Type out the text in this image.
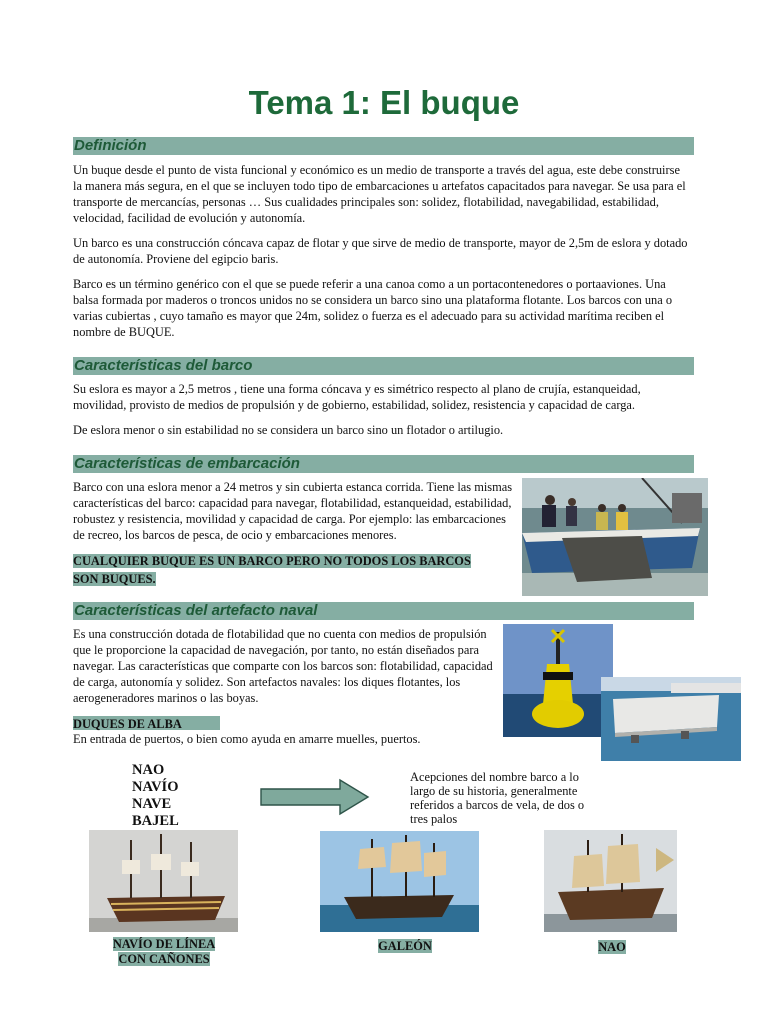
Tema 1: El buque
Definición

Un buque desde el punto de vista funcional y económico es un medio de transporte a través del agua, este debe construirse la manera más segura, en el que se incluyen todo tipo de embarcaciones u artefatos capacitados para navegar. Se usa para el transporte de mercancías, personas … Sus cualidades principales son: solidez, flotabilidad, navegabilidad, estabilidad, velocidad, facilidad de evolución y autonomía.

Un barco es una construcción cóncava capaz de flotar y que sirve de medio de transporte, mayor de 2,5m de eslora y dotado de autonomía. Proviene del egipcio baris.

Barco es un término genérico con el que se puede referir a una canoa como a un portacontenedores o portaaviones. Una balsa formada por maderos o troncos unidos no se considera un barco sino una plataforma flotante. Los barcos con una o varias cubiertas , cuyo tamaño es mayor que 24m, solidez o fuerza es el adecuado para su actividad marítima reciben el nombre de BUQUE.

Características del barco

Su eslora es mayor a 2,5 metros , tiene una forma cóncava y es simétrico respecto al plano de crujía, estanqueidad, movilidad, provisto de medios de propulsión y de gobierno, estabilidad, solidez, resistencia y capacidad de carga.

De eslora menor o sin estabilidad no se considera un barco sino un flotador o artilugio.

Características de embarcación

Barco con una eslora menor a 24 metros y sin cubierta estanca corrida. Tiene las mismas características del barco: capacidad para navegar, flotabilidad, estanqueidad, estabilidad, robustez y resistencia, movilidad y capacidad de carga. Por ejemplo: las embarcaciones de recreo, los barcos de pesca, de ocio y embarcaciones menores.

CUALQUIER BUQUE ES UN BARCO PERO NO TODOS LOS BARCOS SON BUQUES.
Características del artefacto naval

Es una construcción dotada de flotabilidad que no cuenta con medios de propulsión que le proporcione la capacidad de navegación, por tanto, no están diseñados para navegar. Las características que comparte con los barcos son: flotabilidad, capacidad de carga, autonomía y solidez. Son artefactos navales: los diques flotantes, los aerogeneradores marinos o las boyas.

DUQUES DE ALBA

En entrada de puertos, o bien como ayuda en amarre muelles, puertos.

NAO
NAVÍO
NAVE
BAJEL

Acepciones del nombre barco a lo largo de su historia, generalmente referidos a barcos de vela, de dos o tres palos

NAVÍO DE LÍNEA CON CAÑONES
GALEÓN	NAO
